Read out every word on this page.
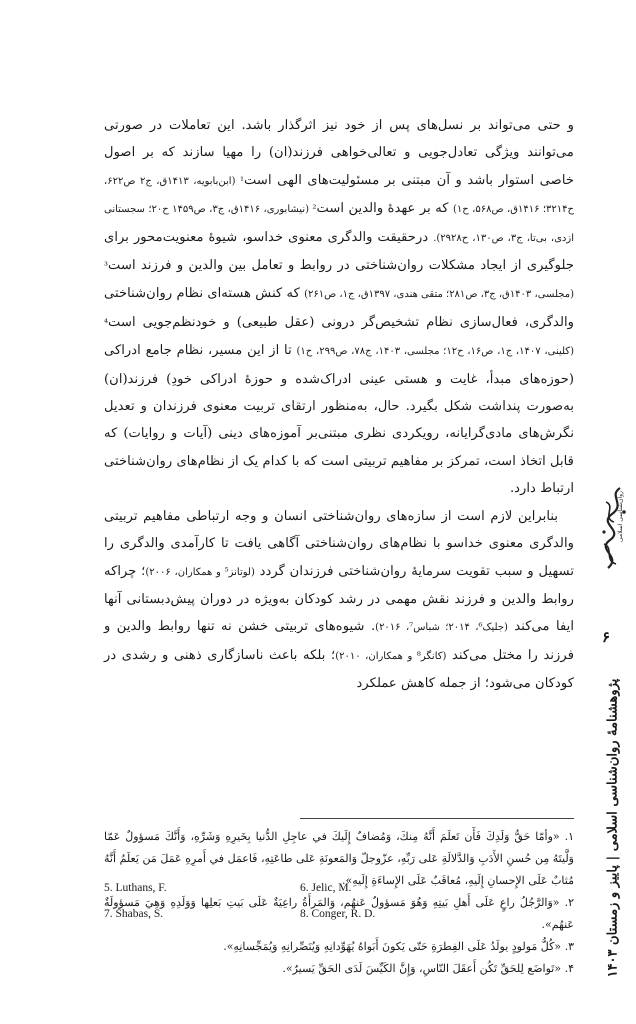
و حتی می‌تواند بر نسل‌های پس از خود نیز اثرگذار باشد. این تعاملات در صورتی می‌توانند ویژگی تعادل‌جویی و تعالی‌خواهی فرزند(ان) را مهیا سازند که بر اصول خاصی استوار باشد و آن مبتنی بر مسئولیت‌های الهی است¹ (ابن‌بابویه، ۱۴۱۳ق، ج۲ ص۶۲۲، ح۳۲۱۴؛ ۱۴۱۶ق، ص۵۶۸، ح۱) که بر عهدهٔ والدین است² (نیشابوری، ۱۴۱۶ق، ج۳، ص۱۴۵۹ ح۲۰؛ سجستانی ازدی، بی‌تا، ج۳، ص۱۳۰، ح۲۹۲۸). درحقیقت والدگری معنوی خداسو، شیوهٔ معنویت‌محور برای جلوگیری از ایجاد مشکلات روان‌شناختی در روابط و تعامل بین والدین و فرزند است³ (مجلسی، ۱۴۰۳ق، ج۳، ص۲۸۱؛ متقی هندی، ۱۳۹۷ق، ج۱، ص۲۶۱) که کنش هسته‌ای نظام روان‌شناختی والدگری، فعال‌سازی نظام تشخیص‌گر درونی (عقل طبیعی) و خودنظم‌جویی است⁴ (کلینی، ۱۴۰۷، ج۱، ص۱۶، ح۱۲؛ مجلسی، ۱۴۰۳، ج۷۸، ص۲۹۹، ح۱) تا از این مسیر، نظام جامع ادراکی (حوزه‌های مبدأ، غایت و هستی عینی ادراک‌شده و حوزهٔ ادراکی خودِ) فرزند(ان) به‌صورت پنداشت شکل بگیرد. حال، به‌منظور ارتقای تربیت معنوی فرزندان و تعدیل نگرش‌های مادی‌گرایانه، رویکردی نظری مبتنی‌بر آموزه‌های دینی (آیات و روایات) که قابل اتخاذ است، تمرکز بر مفاهیم تربیتی است که با کدام یک از نظام‌های روان‌شناختی ارتباط دارد.

بنابراین لازم است از سازه‌های روان‌شناختی انسان و وجه ارتباطی مفاهیم تربیتی والدگری معنوی خداسو با نظام‌های روان‌شناختی آگاهی یافت تا کارآمدی والدگری را تسهیل و سبب تقویت سرمایهٔ روان‌شناختی فرزندان گردد (لوتانز⁵ و همکاران، ۲۰۰۶)؛ چراکه روابط والدین و فرزند نقش مهمی در رشد کودکان به‌ویژه در دوران پیش‌دبستانی آنها ایفا می‌کند (جلیک⁶، ۲۰۱۴؛ شباس⁷، ۲۰۱۶). شیوه‌های تربیتی خشن نه تنها روابط والدین و فرزند را مختل می‌کند (کانگر⁸ و همکاران، ۲۰۱۰)؛ بلکه باعث ناسازگاری ذهنی و رشدی در کودکان می‌شود؛ از جمله کاهش عملکرد

۱. «وأمّا حَقُّ وَلَدِكَ فَأَن تَعلَمَ أَنَّهُ مِنكَ، وَمُضافٌ إِلَيكَ في عاجِلِ الدُّنيا بِخَيرِهِ وَشَرِّهِ، وَأَنَّكَ مَسؤولٌ عَمّا وَلَّيتَهُ مِن حُسنِ الأَدَبِ وَالدَّلالَةِ عَلى رَبِّهِ، عزّوجلّ وَالمَعونَةِ عَلى طاعَتِهِ، فَاعمَل في أَمرِهِ عَمَلَ مَن يَعلَمُ أَنَّهُ مُثابٌ عَلَى الإِحسانِ إِلَيهِ، مُعاقَبٌ عَلَى الإِساءَةِ إِلَيهِ».

۲. «وَالرَّجُلُ راعٍ عَلَى أَهلِ بَيتِهِ وَهُوَ مَسؤولٌ عَنهُم، وَالمَرأَةُ راعِيَةٌ عَلَى بَيتِ بَعلِها وَوَلَدِهِ وَهِيَ مَسؤولَةٌ عَنهُم».

۳. «كُلُّ مَولودٍ يولَدُ عَلَى الفِطرَةِ حَتّى يَكونَ أَبَواهُ يُهَوِّدانِهِ وَيُنَصِّرانِهِ وَيُمَجِّسانِهِ».

۴. «تَواضَع لِلحَقِّ تَكُن أَعقَلَ النّاسِ، وَإِنَّ الكَيِّسَ لَدَى الحَقِّ يَسيرٌ».

5. Luthans, F.	6. Jelic, M.
7. Shabas, S.	8. Conger, R. D.
روان‌شناسی اسلامی
۶
پژوهشنامهٔ روان‌شناسی اسلامی | پاییز و زمستان ۱۴۰۳
